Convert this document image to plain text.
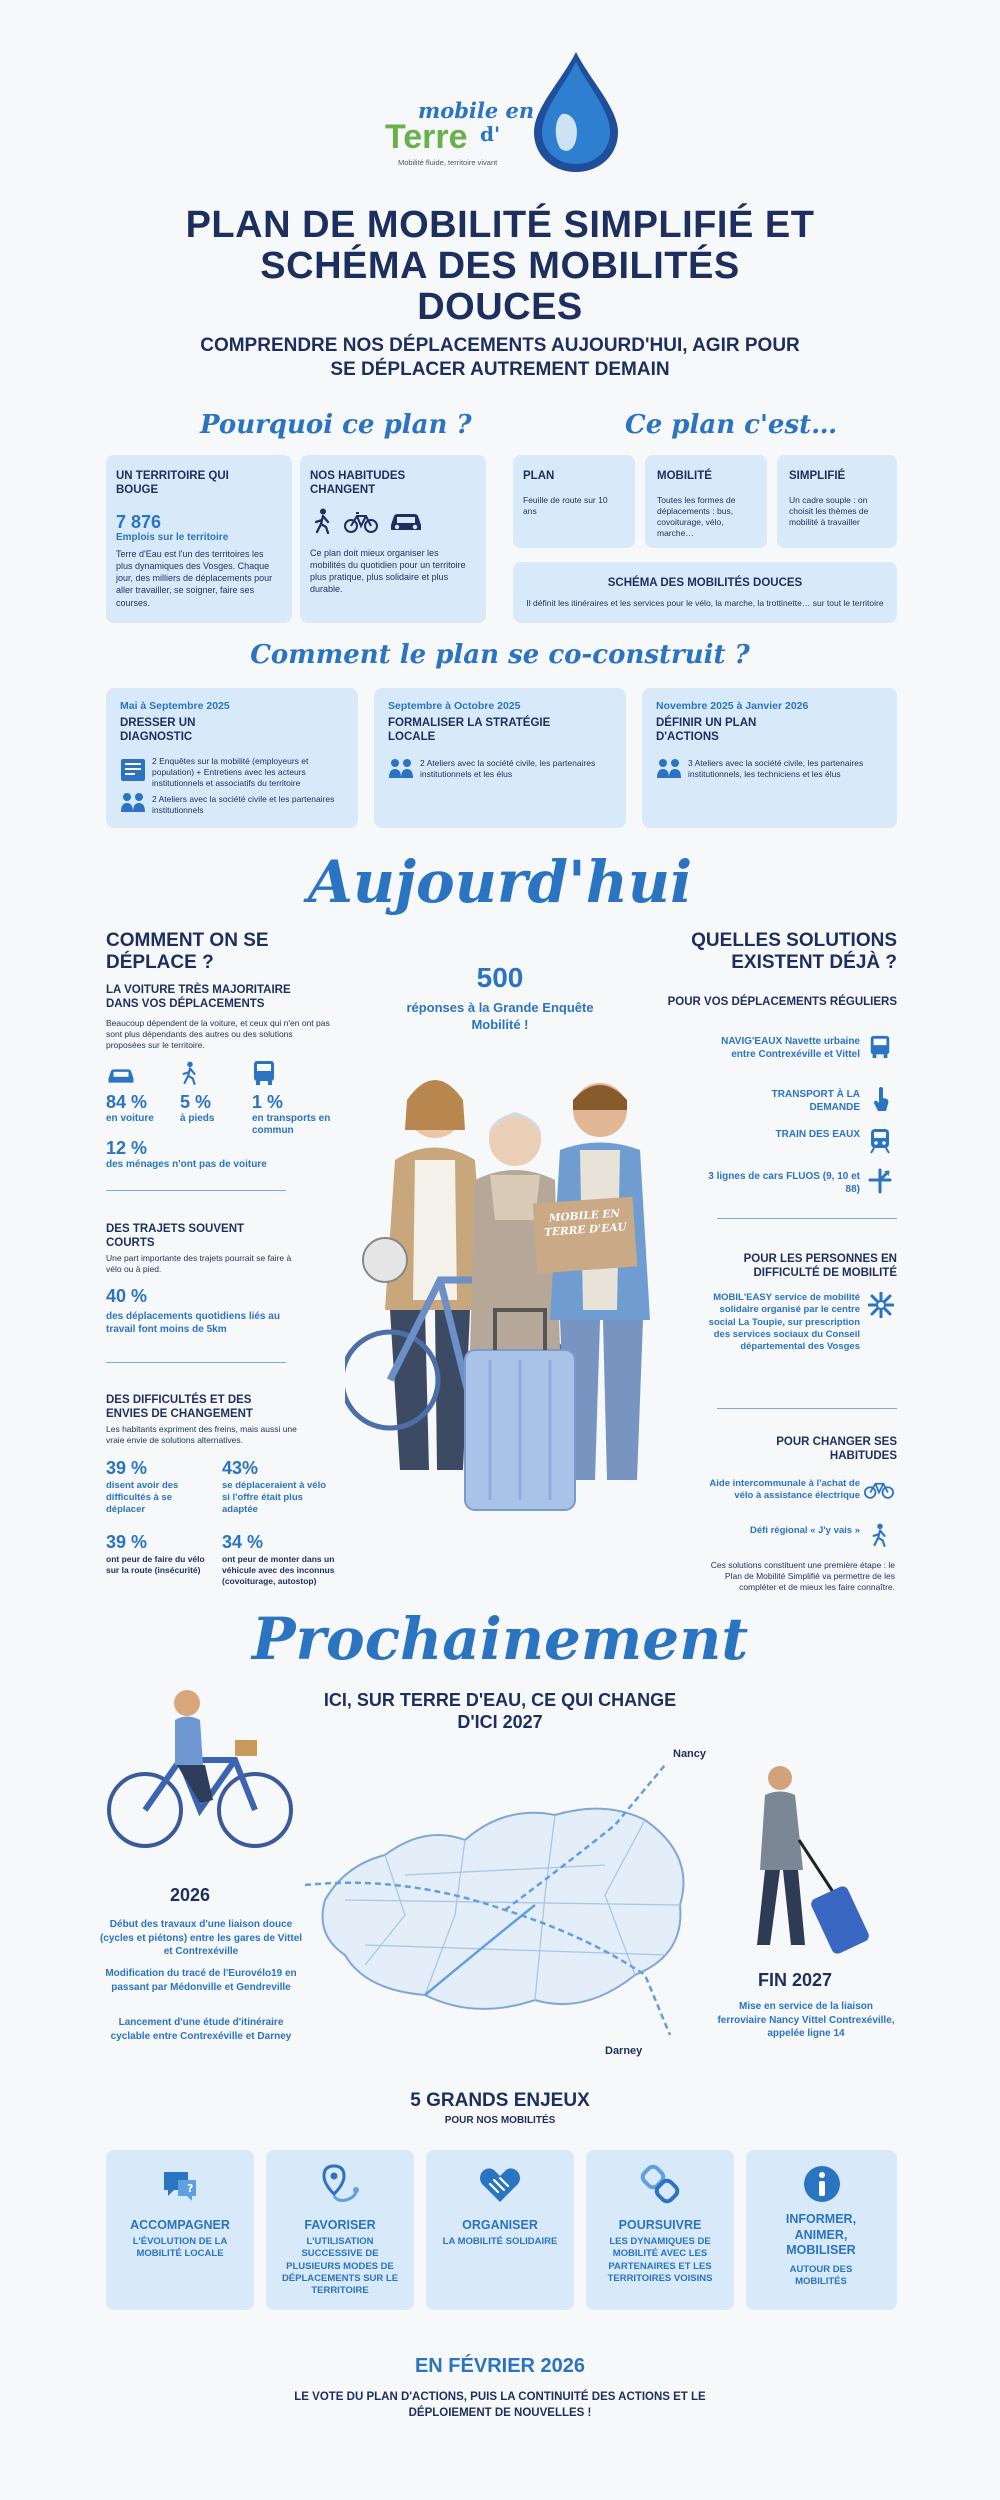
mobile en
Terre d'
Mobilité fluide, territoire vivant
PLAN DE MOBILITÉ SIMPLIFIÉ ET SCHÉMA DES MOBILITÉS DOUCES
COMPRENDRE NOS DÉPLACEMENTS AUJOURD'HUI, AGIR POUR SE DÉPLACER AUTREMENT DEMAIN
Pourquoi ce plan ?
UN TERRITOIRE QUI BOUGE
7 876
Emplois sur le territoire
Terre d'Eau est l'un des territoires les plus dynamiques des Vosges. Chaque jour, des milliers de déplacements pour aller travailler, se soigner, faire ses courses.
NOS HABITUDES CHANGENT
Ce plan doit mieux organiser les mobilités du quotidien pour un territoire plus pratique, plus solidaire et plus durable.
Ce plan c'est…
PLAN
Feuille de route sur 10 ans
MOBILITÉ
Toutes les formes de déplacements : bus, covoiturage, vélo, marche…
SIMPLIFIÉ
Un cadre souple : on choisit les thèmes de mobilité à travailler
SCHÉMA DES MOBILITÉS DOUCES
Il définit les itinéraires et les services pour le vélo, la marche, la trottinette… sur tout le territoire
Comment le plan se co-construit ?
Mai à Septembre 2025
DRESSER UN DIAGNOSTIC
2 Enquêtes sur la mobilité (employeurs et population) + Entretiens avec les acteurs institutionnels et associatifs du territoire
2 Ateliers avec la société civile et les partenaires institutionnels
Septembre à Octobre 2025
FORMALISER LA STRATÉGIE LOCALE
2 Ateliers avec la société civile, les partenaires institutionnels et les élus
Novembre 2025 à Janvier 2026
DÉFINIR UN PLAN D'ACTIONS
3 Ateliers avec la société civile, les partenaires institutionnels, les techniciens et les élus
Aujourd'hui
COMMENT ON SE DÉPLACE ?
LA VOITURE TRÈS MAJORITAIRE DANS VOS DÉPLACEMENTS
Beaucoup dépendent de la voiture, et ceux qui n'en ont pas sont plus dépendants des autres ou des solutions proposées sur le territoire.
84 %
en voiture
5 %
à pieds
1 %
en transports en commun
12 %
des ménages n'ont pas de voiture
DES TRAJETS SOUVENT COURTS
Une part importante des trajets pourrait se faire à vélo ou à pied.
40 %
des déplacements quotidiens liés au travail font moins de 5km
DES DIFFICULTÉS ET DES ENVIES DE CHANGEMENT
Les habitants expriment des freins, mais aussi une vraie envie de solutions alternatives.
39 %
disent avoir des difficultés à se déplacer
43%
se déplaceraient à vélo si l'offre était plus adaptée
39 %
ont peur de faire du vélo sur la route (insécurité)
34 %
ont peur de monter dans un véhicule avec des inconnus (covoiturage, autostop)
500
réponses à la Grande Enquête Mobilité !
MOBILE EN TERRE D'EAU
QUELLES SOLUTIONS EXISTENT DÉJÀ ?
POUR VOS DÉPLACEMENTS RÉGULIERS
NAVIG'EAUX Navette urbaine entre Contrexéville et Vittel
TRANSPORT À LA DEMANDE
TRAIN DES EAUX
3 lignes de cars FLUOS (9, 10 et 88)
POUR LES PERSONNES EN DIFFICULTÉ DE MOBILITÉ
MOBIL'EASY service de mobilité solidaire organisé par le centre social La Toupie, sur prescription des services sociaux du Conseil départemental des Vosges
POUR CHANGER SES HABITUDES
Aide intercommunale à l'achat de vélo à assistance électrique
Défi régional « J'y vais »
Ces solutions constituent une première étape : le Plan de Mobilité Simplifié va permettre de les compléter et de mieux les faire connaître.
Prochainement
ICI, SUR TERRE D'EAU, CE QUI CHANGE D'ICI 2027
2026
Début des travaux d'une liaison douce (cycles et piétons) entre les gares de Vittel et Contrexéville
Modification du tracé de l'Eurovélo19 en passant par Médonville et Gendreville
Lancement d'une étude d'itinéraire cyclable entre Contrexéville et Darney
Nancy
Darney
FIN 2027
Mise en service de la liaison ferroviaire Nancy Vittel Contrexéville, appelée ligne 14
5 GRANDS ENJEUX
POUR NOS MOBILITÉS
?
ACCOMPAGNER
L'ÉVOLUTION DE LA MOBILITÉ LOCALE
FAVORISER
L'UTILISATION SUCCESSIVE DE PLUSIEURS MODES DE DÉPLACEMENTS SUR LE TERRITOIRE
ORGANISER
LA MOBILITÉ SOLIDAIRE
POURSUIVRE
LES DYNAMIQUES DE MOBILITÉ AVEC LES PARTENAIRES ET LES TERRITOIRES VOISINS
INFORMER, ANIMER, MOBILISER
AUTOUR DES MOBILITÉS
EN FÉVRIER 2026
LE VOTE DU PLAN D'ACTIONS, PUIS LA CONTINUITÉ DES ACTIONS ET LE DÉPLOIEMENT DE NOUVELLES !
